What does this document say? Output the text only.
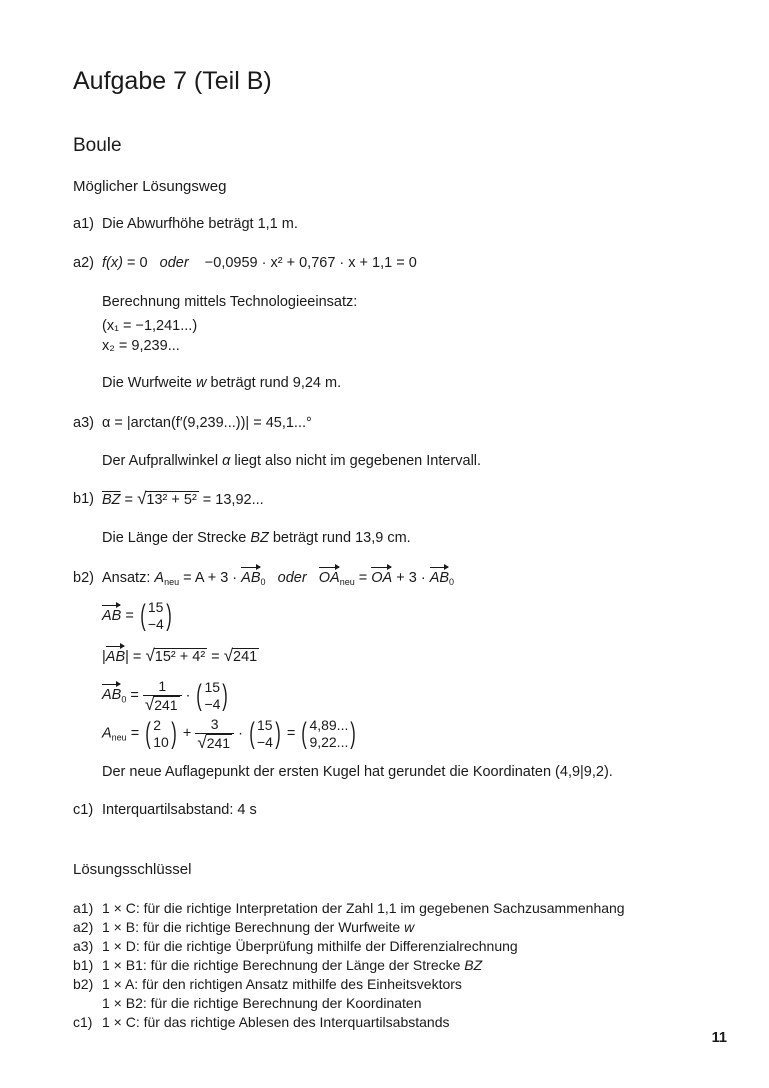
Aufgabe 7 (Teil B)
Boule
Möglicher Lösungsweg
a1) Die Abwurfhöhe beträgt 1,1 m.
a2) f(x) = 0 oder −0,0959 · x² + 0,767 · x + 1,1 = 0
Berechnung mittels Technologieeinsatz:
(x₁ = −1,241...)
x₂ = 9,239...
Die Wurfweite w beträgt rund 9,24 m.
a3) α = |arctan(f′(9,239...))| = 45,1...°
Der Aufprallwinkel α liegt also nicht im gegebenen Intervall.
b1) $\overline{BZ} = √13^2 + 5^2 = 13,92$...
Die Länge der Strecke BZ beträgt rund 13,9 cm.
b2) Ansatz: $A_{neu} = A + 3 \cdot AB_0$ oder $OA_{neu}$ = OA + $3 \cdot AB_0$
AB = ( 15
−4 )
|AB| = √15² + 4² = √241
$AB_0 = \frac{1}{√241}$ · ( 15
−4 )
$A_{neu}$ = ( 2
10 ) + $\frac{3}{√241}$ · ( 15
−4 ) = ( 4,89...
9,22... )
Der neue Auflagepunkt der ersten Kugel hat gerundet die Koordinaten (4,9|9,2).
c1) Interquartilsabstand: 4 s
Lösungsschlüssel
a1) 1 × C: für die richtige Interpretation der Zahl 1,1 im gegebenen Sachzusammenhang
a2) 1 × B: für die richtige Berechnung der Wurfweite w
a3) 1 × D: für die richtige Überprüfung mithilfe der Differenzialrechnung
b1) 1 × B1: für die richtige Berechnung der Länge der Strecke BZ
b2) 1 × A: für den richtigen Ansatz mithilfe des Einheitsvektors
1 × B2: für die richtige Berechnung der Koordinaten
c1) 1 × C: für das richtige Ablesen des Interquartilsabstands
11
